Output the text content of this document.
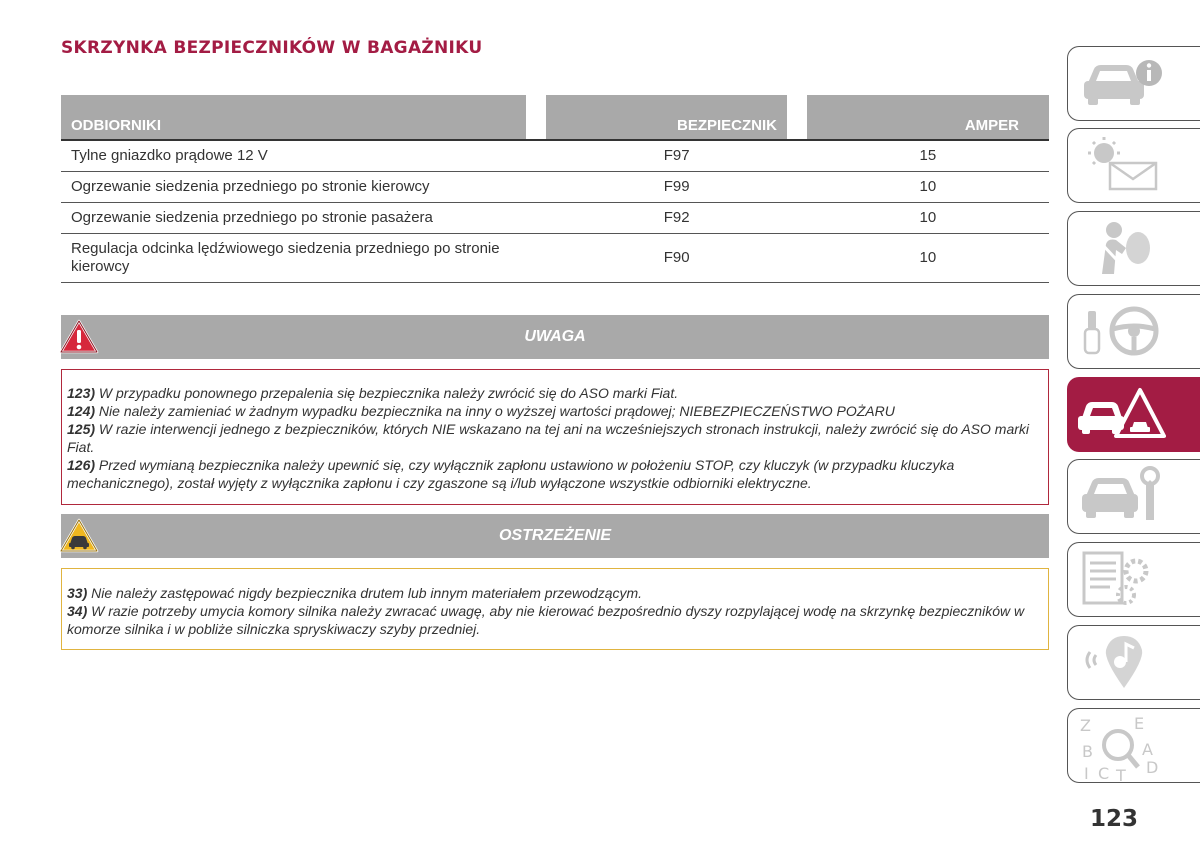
SKRZYNKA BEZPIECZNIKÓW W BAGAŻNIKU
ODBIORNIKI		BEZPIECZNIK		AMPER
Tylne gniazdko prądowe 12 V		F97		15
Ogrzewanie siedzenia przedniego po stronie kierowcy		F99		10
Ogrzewanie siedzenia przedniego po stronie pasażera		F92		10
Regulacja odcinka lędźwiowego siedzenia przedniego po stronie kierowcy		F90		10
UWAGA

123) W przypadku ponownego przepalenia się bezpiecznika należy zwrócić się do ASO marki Fiat.

124) Nie należy zamieniać w żadnym wypadku bezpiecznika na inny o wyższej wartości prądowej; NIEBEZPIECZEŃSTWO POŻARU

125) W razie interwencji jednego z bezpieczników, których NIE wskazano na tej ani na wcześniejszych stronach instrukcji, należy zwrócić się do ASO marki Fiat.

126) Przed wymianą bezpiecznika należy upewnić się, czy wyłącznik zapłonu ustawiono w położeniu STOP, czy kluczyk (w przypadku kluczyka mechanicznego), został wyjęty z wyłącznika zapłonu i czy zgaszone są i/lub wyłączone wszystkie odbiorniki elektryczne.

OSTRZEŻENIE

33) Nie należy zastępować nigdy bezpiecznika drutem lub innym materiałem przewodzącym.

34) W razie potrzeby umycia komory silnika należy zwracać uwagę, aby nie kierować bezpośrednio dyszy rozpylającej wodę na skrzynkę bezpieczników w komorze silnika i w pobliże silniczka spryskiwaczy szyby przedniej.

Z	E
B	A
I C T D
123
